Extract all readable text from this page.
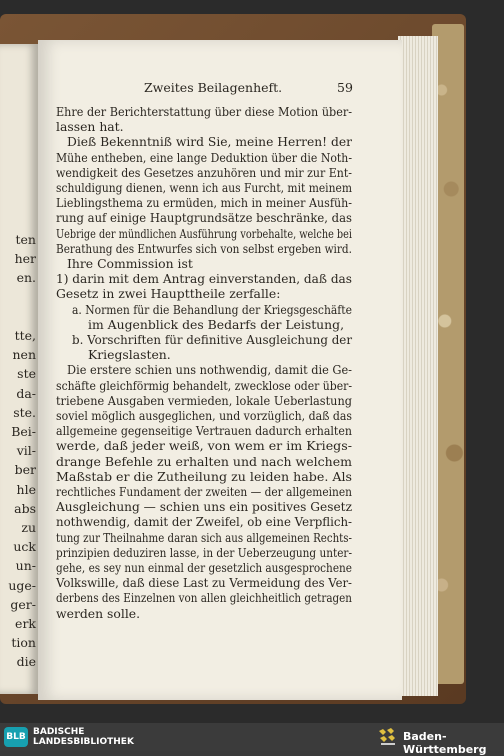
ten
her
en.
tte,
nen
ste
da-
ste.
Bei-
vil-
ber
hle
abs
zu
uck
un-
uge-
ger-
erk
tion
die
Zweites Beilagenheft.	59
Ehre der Berichterstattung über diese Motion über-
lassen hat.
Dieß Bekenntniß wird Sie, meine Herren! der
Mühe entheben, eine lange Deduktion über die Noth-
wendigkeit des Gesetzes anzuhören und mir zur Ent-
schuldigung dienen, wenn ich aus Furcht, mit meinem
Lieblingsthema zu ermüden, mich in meiner Ausfüh-
rung auf einige Hauptgrundsätze beschränke, das
Uebrige der mündlichen Ausführung vorbehalte, welche bei
Berathung des Entwurfes sich von selbst ergeben wird.
Ihre Commission ist
1) darin mit dem Antrag einverstanden, daß das
Gesetz in zwei Haupttheile zerfalle:
a. Normen für die Behandlung der Kriegsgeschäfte
im Augenblick des Bedarfs der Leistung,
b. Vorschriften für definitive Ausgleichung der
Kriegslasten.
Die erstere schien uns nothwendig, damit die Ge-
schäfte gleichförmig behandelt, zwecklose oder über-
triebene Ausgaben vermieden, lokale Ueberlastung
soviel möglich ausgeglichen, und vorzüglich, daß das
allgemeine gegenseitige Vertrauen dadurch erhalten
werde, daß jeder weiß, von wem er im Kriegs-
drange Befehle zu erhalten und nach welchem
Maßstab er die Zutheilung zu leiden habe. Als
rechtliches Fundament der zweiten — der allgemeinen
Ausgleichung — schien uns ein positives Gesetz
nothwendig, damit der Zweifel, ob eine Verpflich-
tung zur Theilnahme daran sich aus allgemeinen Rechts-
prinzipien deduziren lasse, in der Ueberzeugung unter-
gehe, es sey nun einmal der gesetzlich ausgesprochene
Volkswille, daß diese Last zu Vermeidung des Ver-
derbens des Einzelnen von allen gleichheitlich getragen
werden solle.
BLB BADISCHE
LANDESBIBLIOTHEK	Baden-Württemberg
